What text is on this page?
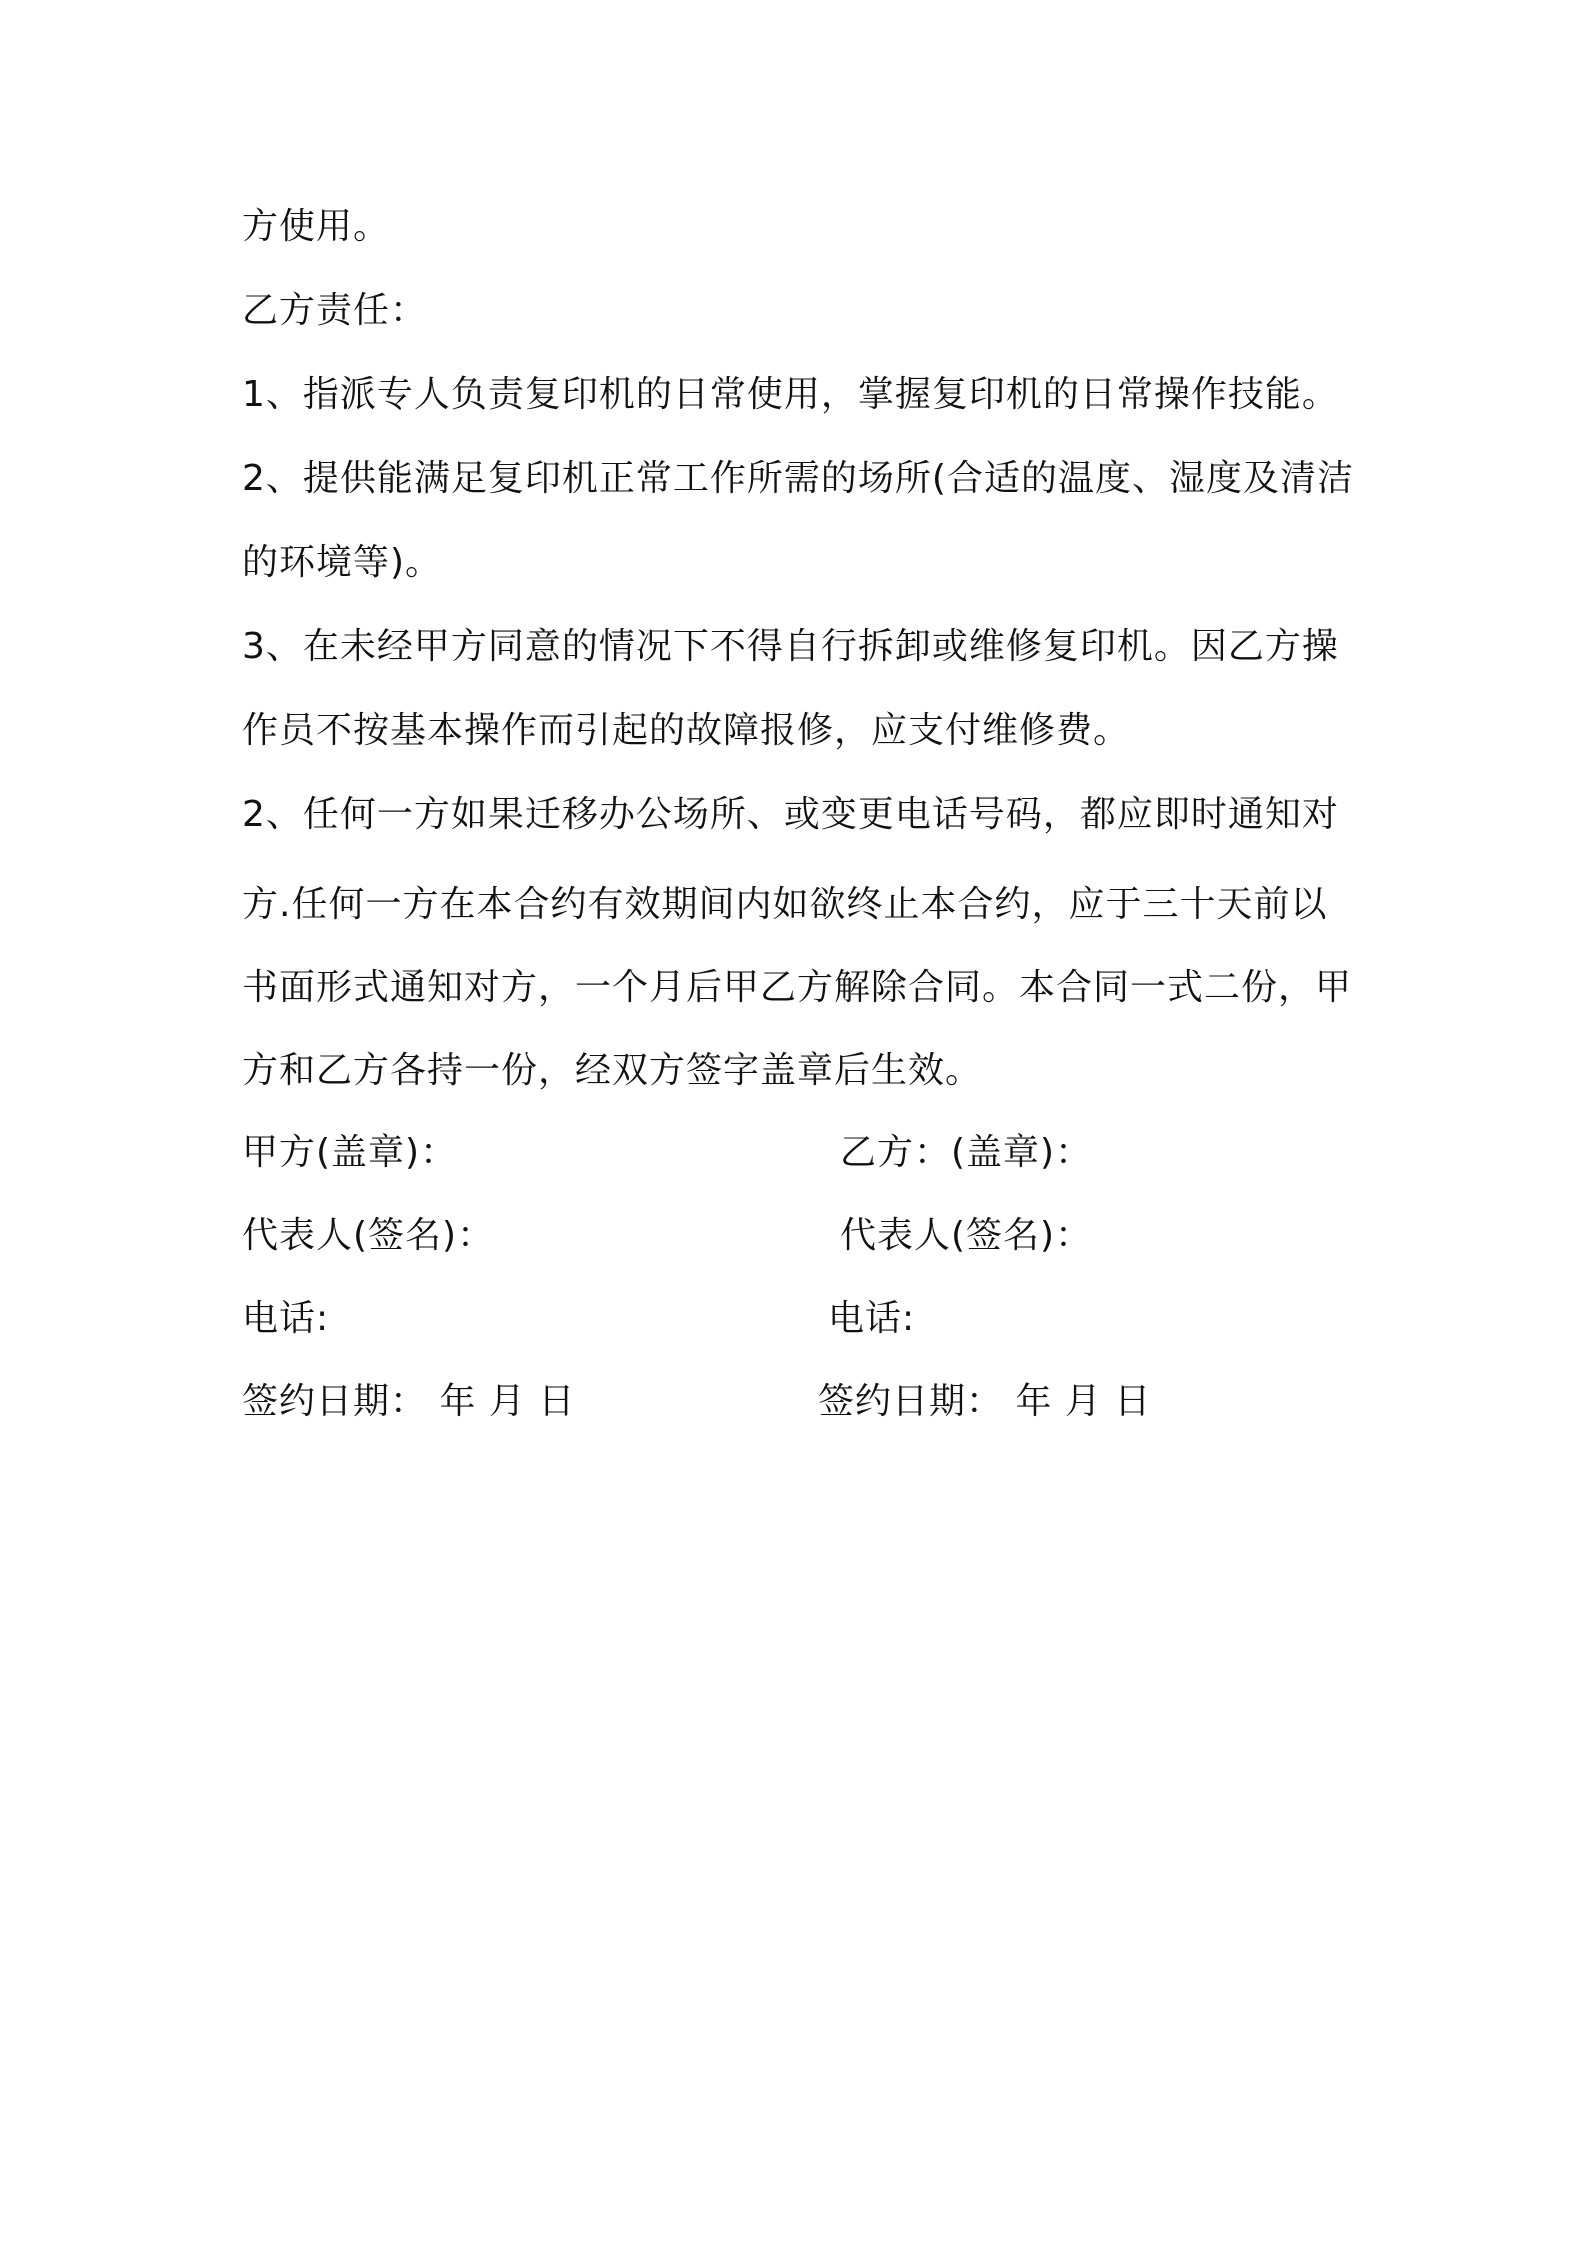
方使用。
乙方责任：
1、指派专人负责复印机的日常使用，掌握复印机的日常操作技能。
2、提供能满足复印机正常工作所需的场所(合适的温度、湿度及清洁
的环境等)。
3、在未经甲方同意的情况下不得自行拆卸或维修复印机。因乙方操
作员不按基本操作而引起的故障报修，应支付维修费。
2、任何一方如果迁移办公场所、或变更电话号码，都应即时通知对
方.任何一方在本合约有效期间内如欲终止本合约，应于三十天前以
书面形式通知对方，一个月后甲乙方解除合同。本合同一式二份，甲
方和乙方各持一份，经双方签字盖章后生效。
甲方(盖章)：	乙方：(盖章)：
代表人(签名)：	代表人(签名)：
电话:	电话:
签约日期： 年 月 日	签约日期： 年 月 日
